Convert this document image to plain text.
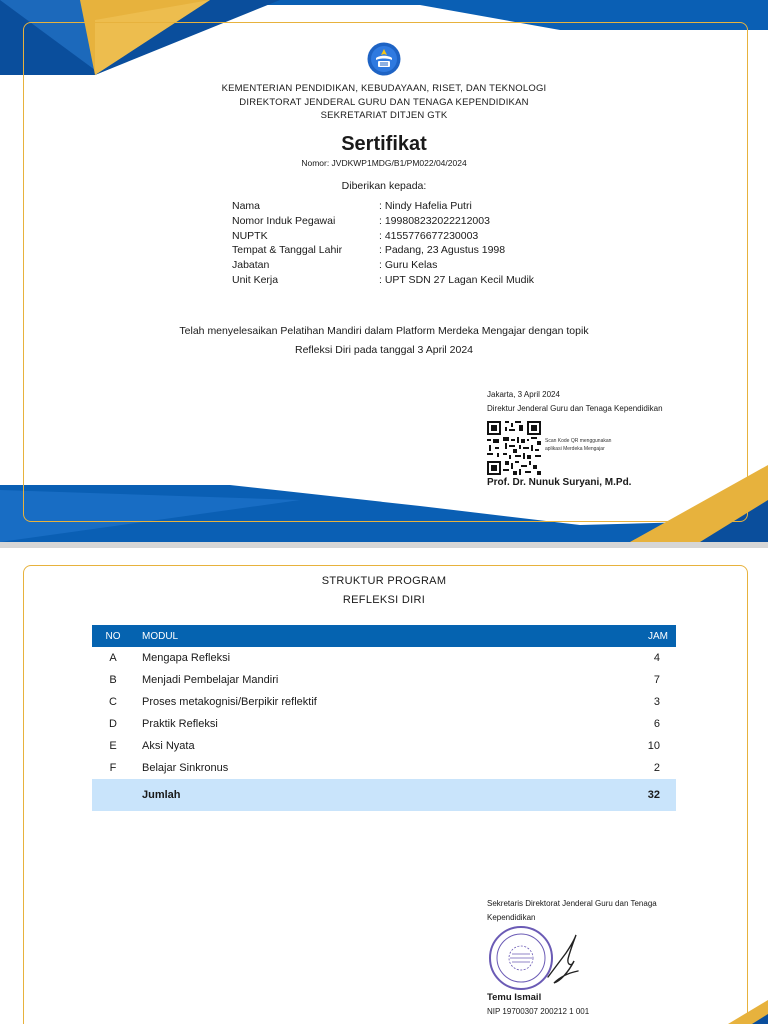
KEMENTERIAN PENDIDIKAN, KEBUDAYAAN, RISET, DAN TEKNOLOGI
DIREKTORAT JENDERAL GURU DAN TENAGA KEPENDIDIKAN
SEKRETARIAT DITJEN GTK
Sertifikat
Nomor: JVDKWP1MDG/B1/PM022/04/2024
Diberikan kepada:
Nama	: Nindy Hafelia Putri
Nomor Induk Pegawai	: 199808232022212003
NUPTK	: 4155776677230003
Tempat & Tanggal Lahir	: Padang, 23 Agustus 1998
Jabatan	: Guru Kelas
Unit Kerja	: UPT SDN 27 Lagan Kecil Mudik
Telah menyelesaikan Pelatihan Mandiri dalam Platform Merdeka Mengajar dengan topik
Refleksi Diri pada tanggal 3 April 2024
Jakarta, 3 April 2024
Direktur Jenderal Guru dan Tenaga Kependidikan
Scan Kode QR menggunakan
aplikasi Merdeka Mengajar
Prof. Dr. Nunuk Suryani, M.Pd.
STRUKTUR PROGRAM
REFLEKSI DIRI
NO	MODUL	JAM
A	Mengapa Refleksi	4
B	Menjadi Pembelajar Mandiri	7
C	Proses metakognisi/Berpikir reflektif	3
D	Praktik Refleksi	6
E	Aksi Nyata	10
F	Belajar Sinkronus	2
	Jumlah	32
Sekretaris Direktorat Jenderal Guru dan Tenaga
Kependidikan
Temu Ismail
NIP 19700307 200212 1 001
